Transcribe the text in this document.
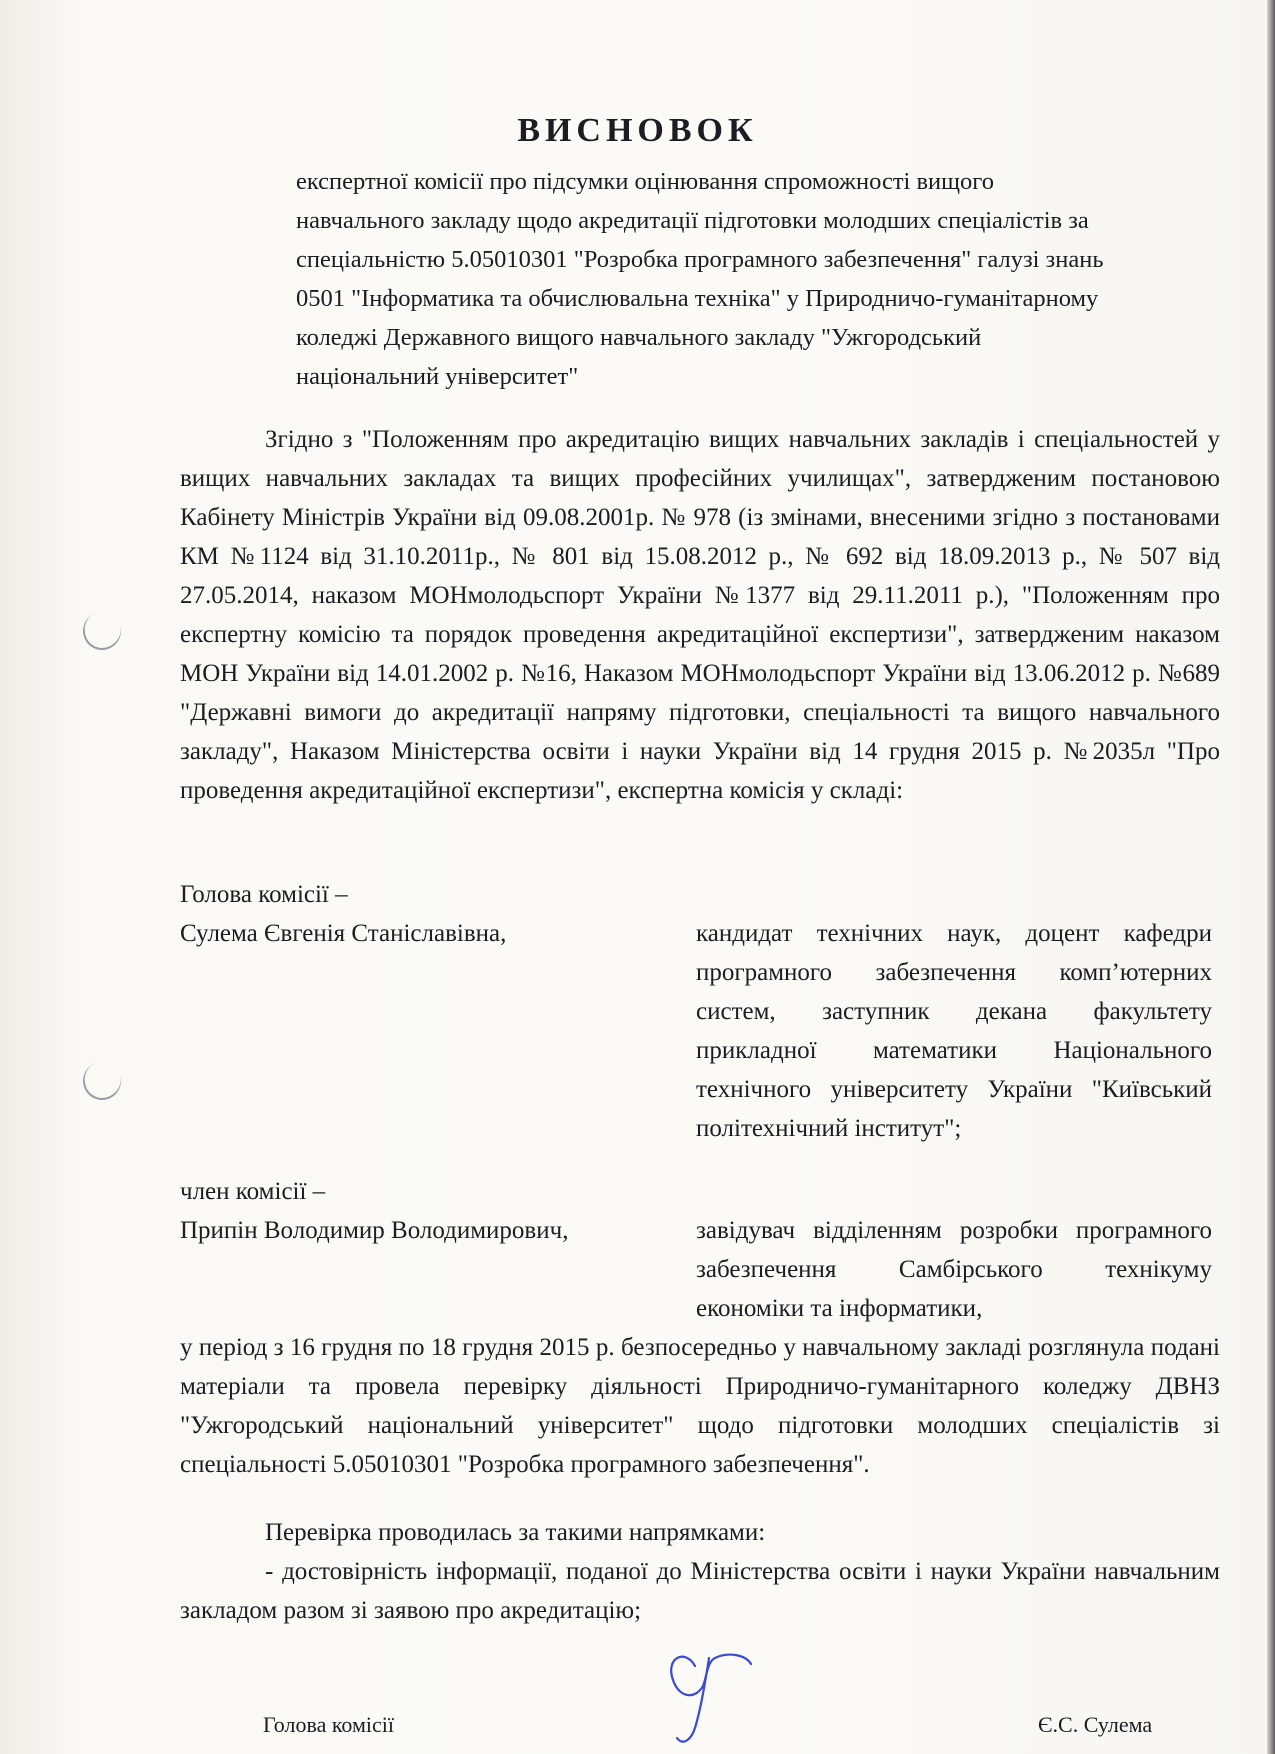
ВИСНОВОК

експертної комісії про підсумки оцінювання спроможності вищого навчального закладу щодо акредитації підготовки молодших спеціалістів за спеціальністю 5.05010301 "Розробка програмного забезпечення" галузі знань 0501 "Інформатика та обчислювальна техніка" у Природничо-гуманітарному коледжі Державного вищого навчального закладу "Ужгородський національний університет"

Згідно з "Положенням про акредитацію вищих навчальних закладів і спеціальностей у вищих навчальних закладах та вищих професійних училищах", затвердженим постановою Кабінету Міністрів України від 09.08.2001р. № 978 (із змінами, внесеними згідно з постановами КМ №1124 від 31.10.2011р., № 801 від 15.08.2012 р., № 692 від 18.09.2013 р., № 507 від 27.05.2014, наказом МОНмолодьспорт України №1377 від 29.11.2011 р.), "Положенням про експертну комісію та порядок проведення акредитаційної експертизи", затвердженим наказом МОН України від 14.01.2002 р. №16, Наказом МОНмолодьспорт України від 13.06.2012 р. №689 "Державні вимоги до акредитації напряму підготовки, спеціальності та вищого навчального закладу", Наказом Міністерства освіти і науки України від 14 грудня 2015 р. №2035л "Про проведення акредитаційної експертизи", експертна комісія у складі:

Голова комісії –

Сулема Євгенія Станіславівна,	кандидат технічних наук, доцент кафедри програмного забезпечення комп’ютерних систем, заступник декана факультету прикладної математики Національного технічного університету України "Київський політехнічний інститут";

член комісії –

Припін Володимир Володимирович,	завідувач відділенням розробки програмного забезпечення Самбірського технікуму економіки та інформатики,

у період з 16 грудня по 18 грудня 2015 р. безпосередньо у навчальному закладі розглянула подані матеріали та провела перевірку діяльності Природничо-гуманітарного коледжу ДВНЗ "Ужгородський національний університет" щодо підготовки молодших спеціалістів зі спеціальності 5.05010301 "Розробка програмного забезпечення".

Перевірка проводилась за такими напрямками:

- достовірність інформації, поданої до Міністерства освіти і науки України навчальним закладом разом зі заявою про акредитацію;

Голова комісії	Є.С. Сулема
